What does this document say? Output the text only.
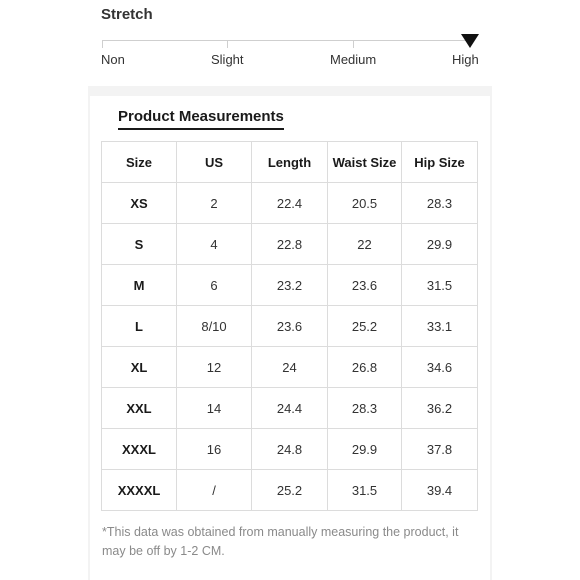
Stretch
Non	Slight	Medium	High
Product Measurements
Size	US	Length	Waist Size	Hip Size
XS	2	22.4	20.5	28.3
S	4	22.8	22	29.9
M	6	23.2	23.6	31.5
L	8/10	23.6	25.2	33.1
XL	12	24	26.8	34.6
XXL	14	24.4	28.3	36.2
XXXL	16	24.8	29.9	37.8
XXXXL	/	25.2	31.5	39.4
*This data was obtained from manually measuring the product, it may be off by 1-2 CM.
